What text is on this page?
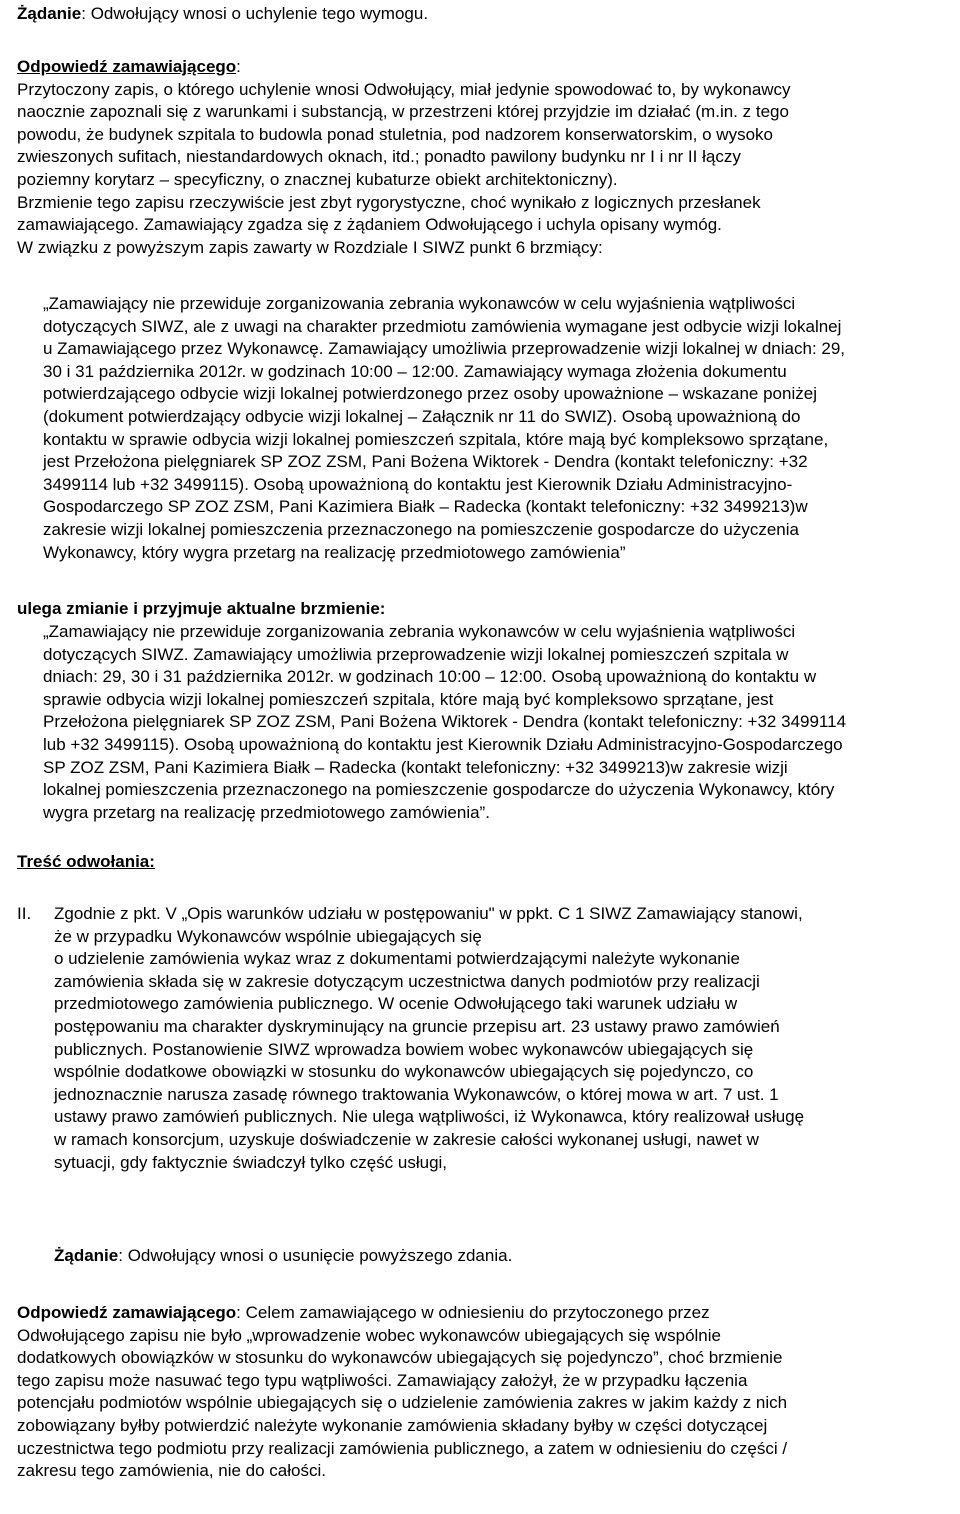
Żądanie: Odwołujący wnosi o uchylenie tego wymogu.
Odpowiedź zamawiającego:
Przytoczony zapis, o którego uchylenie wnosi Odwołujący, miał jedynie spowodować to, by wykonawcy
naocznie zapoznali się z warunkami i substancją, w przestrzeni której przyjdzie im działać (m.in. z tego
powodu, że budynek szpitala to budowla ponad stuletnia, pod nadzorem konserwatorskim, o wysoko
zwieszonych sufitach, niestandardowych oknach, itd.; ponadto pawilony budynku nr I i nr II łączy
poziemny korytarz – specyficzny, o znacznej kubaturze obiekt architektoniczny).
Brzmienie tego zapisu rzeczywiście jest zbyt rygorystyczne, choć wynikało z logicznych przesłanek
zamawiającego. Zamawiający zgadza się z żądaniem Odwołującego i uchyla opisany wymóg.
W związku z powyższym zapis zawarty w Rozdziale I SIWZ punkt 6 brzmiący:
„Zamawiający nie przewiduje zorganizowania zebrania wykonawców w celu wyjaśnienia wątpliwości
dotyczących SIWZ, ale z uwagi na charakter przedmiotu zamówienia wymagane jest odbycie wizji lokalnej
u Zamawiającego przez Wykonawcę. Zamawiający umożliwia przeprowadzenie wizji lokalnej w dniach: 29,
30 i 31 października 2012r. w godzinach 10:00 – 12:00. Zamawiający wymaga złożenia dokumentu
potwierdzającego odbycie wizji lokalnej potwierdzonego przez osoby upoważnione – wskazane poniżej
(dokument potwierdzający odbycie wizji lokalnej – Załącznik nr 11 do SWIZ). Osobą upoważnioną do
kontaktu w sprawie odbycia wizji lokalnej pomieszczeń szpitala, które mają być kompleksowo sprzątane,
jest Przełożona pielęgniarek SP ZOZ ZSM, Pani Bożena Wiktorek - Dendra (kontakt telefoniczny: +32
3499114 lub +32 3499115). Osobą upoważnioną do kontaktu jest Kierownik Działu Administracyjno-
Gospodarczego SP ZOZ ZSM, Pani Kazimiera Białk – Radecka (kontakt telefoniczny: +32 3499213)w
zakresie wizji lokalnej pomieszczenia przeznaczonego na pomieszczenie gospodarcze do użyczenia
Wykonawcy, który wygra przetarg na realizację przedmiotowego zamówienia”
ulega zmianie i przyjmuje aktualne brzmienie:
„Zamawiający nie przewiduje zorganizowania zebrania wykonawców w celu wyjaśnienia wątpliwości
dotyczących SIWZ. Zamawiający umożliwia przeprowadzenie wizji lokalnej pomieszczeń szpitala w
dniach: 29, 30 i 31 października 2012r. w godzinach 10:00 – 12:00. Osobą upoważnioną do kontaktu w
sprawie odbycia wizji lokalnej pomieszczeń szpitala, które mają być kompleksowo sprzątane, jest
Przełożona pielęgniarek SP ZOZ ZSM, Pani Bożena Wiktorek - Dendra (kontakt telefoniczny: +32 3499114
lub +32 3499115). Osobą upoważnioną do kontaktu jest Kierownik Działu Administracyjno-Gospodarczego
SP ZOZ ZSM, Pani Kazimiera Białk – Radecka (kontakt telefoniczny: +32 3499213)w zakresie wizji
lokalnej pomieszczenia przeznaczonego na pomieszczenie gospodarcze do użyczenia Wykonawcy, który
wygra przetarg na realizację przedmiotowego zamówienia”.
Treść odwołania:
II. Zgodnie z pkt. V „Opis warunków udziału w postępowaniu" w ppkt. C 1 SIWZ Zamawiający stanowi,
że w przypadku Wykonawców wspólnie ubiegających się
o udzielenie zamówienia wykaz wraz z dokumentami potwierdzającymi należyte wykonanie
zamówienia składa się w zakresie dotyczącym uczestnictwa danych podmiotów przy realizacji
przedmiotowego zamówienia publicznego. W ocenie Odwołującego taki warunek udziału w
postępowaniu ma charakter dyskryminujący na gruncie przepisu art. 23 ustawy prawo zamówień
publicznych. Postanowienie SIWZ wprowadza bowiem wobec wykonawców ubiegających się
wspólnie dodatkowe obowiązki w stosunku do wykonawców ubiegających się pojedynczo, co
jednoznacznie narusza zasadę równego traktowania Wykonawców, o której mowa w art. 7 ust. 1
ustawy prawo zamówień publicznych. Nie ulega wątpliwości, iż Wykonawca, który realizował usługę
w ramach konsorcjum, uzyskuje doświadczenie w zakresie całości wykonanej usługi, nawet w
sytuacji, gdy faktycznie świadczył tylko część usługi,
Żądanie: Odwołujący wnosi o usunięcie powyższego zdania.
Odpowiedź zamawiającego: Celem zamawiającego w odniesieniu do przytoczonego przez
Odwołującego zapisu nie było „wprowadzenie wobec wykonawców ubiegających się wspólnie
dodatkowych obowiązków w stosunku do wykonawców ubiegających się pojedynczo”, choć brzmienie
tego zapisu może nasuwać tego typu wątpliwości. Zamawiający założył, że w przypadku łączenia
potencjału podmiotów wspólnie ubiegających się o udzielenie zamówienia zakres w jakim każdy z nich
zobowiązany byłby potwierdzić należyte wykonanie zamówienia składany byłby w części dotyczącej
uczestnictwa tego podmiotu przy realizacji zamówienia publicznego, a zatem w odniesieniu do części /
zakresu tego zamówienia, nie do całości.
